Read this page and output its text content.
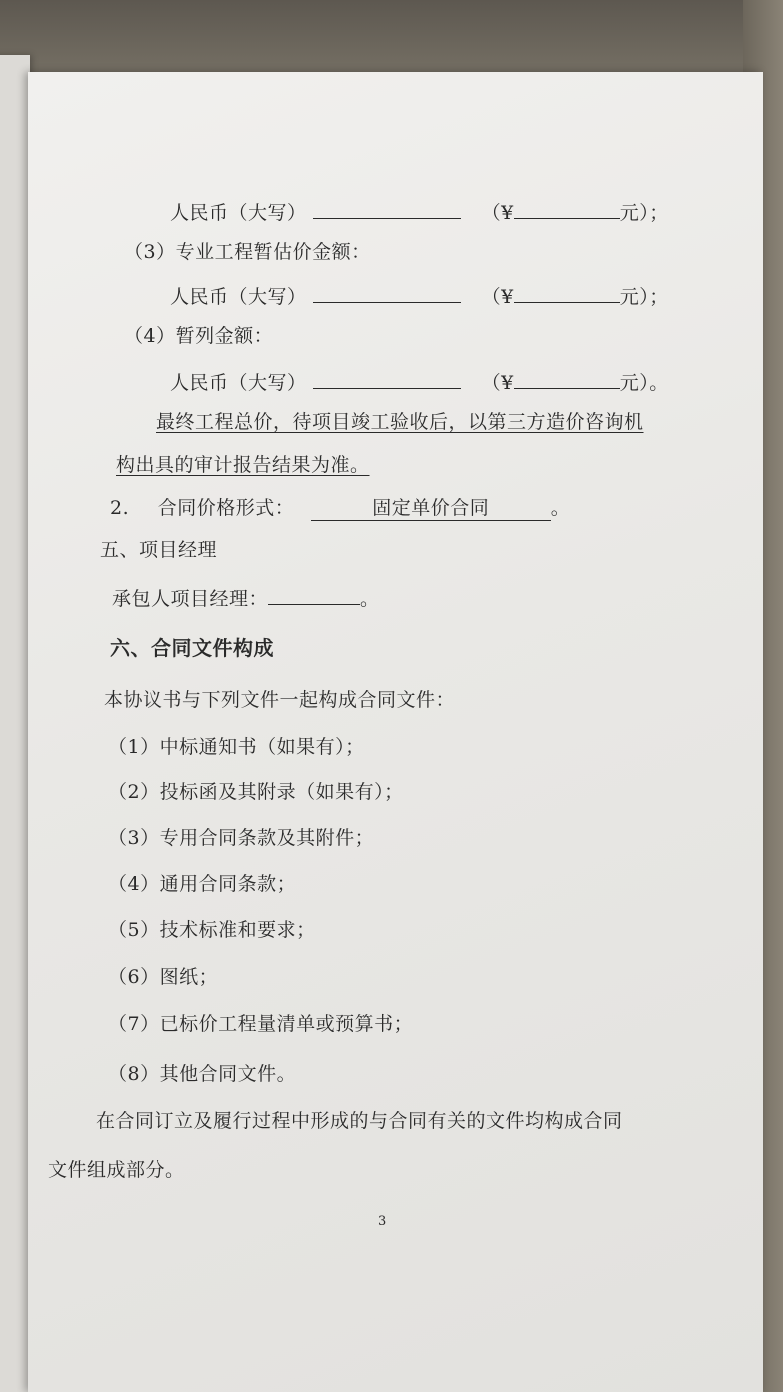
人民币（大写）	（¥	元）；
（3）专业工程暂估价金额：
人民币（大写）	（¥	元）；
（4）暂列金额：
人民币（大写）	（¥	元）。
最终工程总价，待项目竣工验收后，以第三方造价咨询机
构出具的审计报告结果为准。
2. 合同价格形式：	固定单价合同	。
五、项目经理
承包人项目经理：	。
六、合同文件构成
本协议书与下列文件一起构成合同文件：
（1）中标通知书（如果有）；
（2）投标函及其附录（如果有）；
（3）专用合同条款及其附件；
（4）通用合同条款；
（5）技术标准和要求；
（6）图纸；
（7）已标价工程量清单或预算书；
（8）其他合同文件。
在合同订立及履行过程中形成的与合同有关的文件均构成合同
文件组成部分。
3
